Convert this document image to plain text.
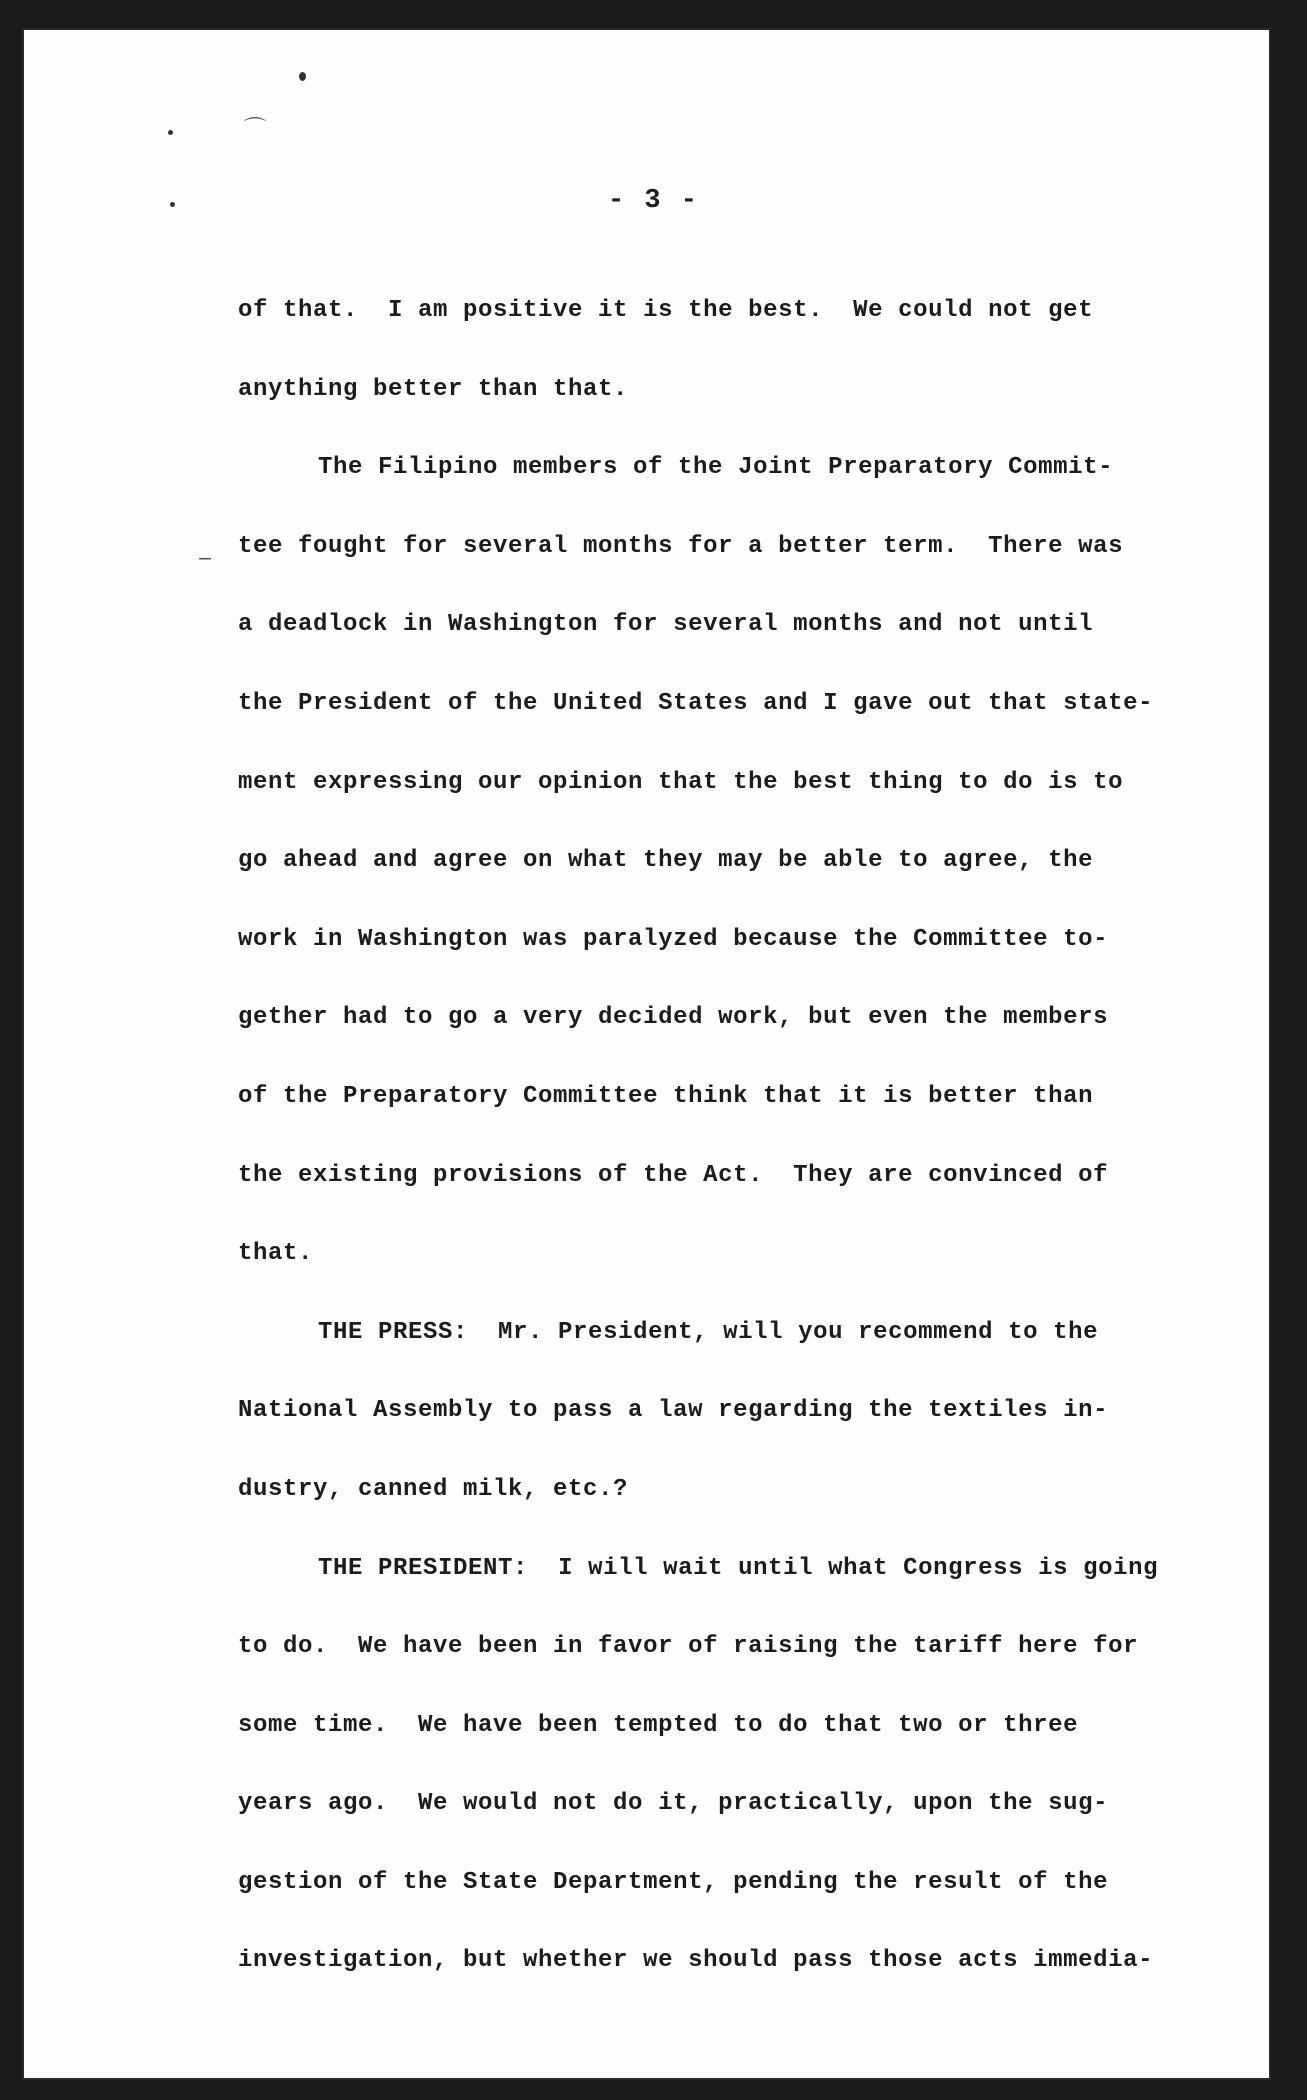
⌒
‒
- 3 -
of that.  I am positive it is the best.  We could not get
anything better than that.
The Filipino members of the Joint Preparatory Commit-
tee fought for several months for a better term.  There was
a deadlock in Washington for several months and not until
the President of the United States and I gave out that state-
ment expressing our opinion that the best thing to do is to
go ahead and agree on what they may be able to agree, the
work in Washington was paralyzed because the Committee to-
gether had to go a very decided work, but even the members
of the Preparatory Committee think that it is better than
the existing provisions of the Act.  They are convinced of
that.
THE PRESS: Mr. President, will you recommend to the
National Assembly to pass a law regarding the textiles in-
dustry, canned milk, etc.?
THE PRESIDENT: I will wait until what Congress is going
to do.  We have been in favor of raising the tariff here for
some time.  We have been tempted to do that two or three
years ago.  We would not do it, practically, upon the sug-
gestion of the State Department, pending the result of the
investigation, but whether we should pass those acts immedia-
